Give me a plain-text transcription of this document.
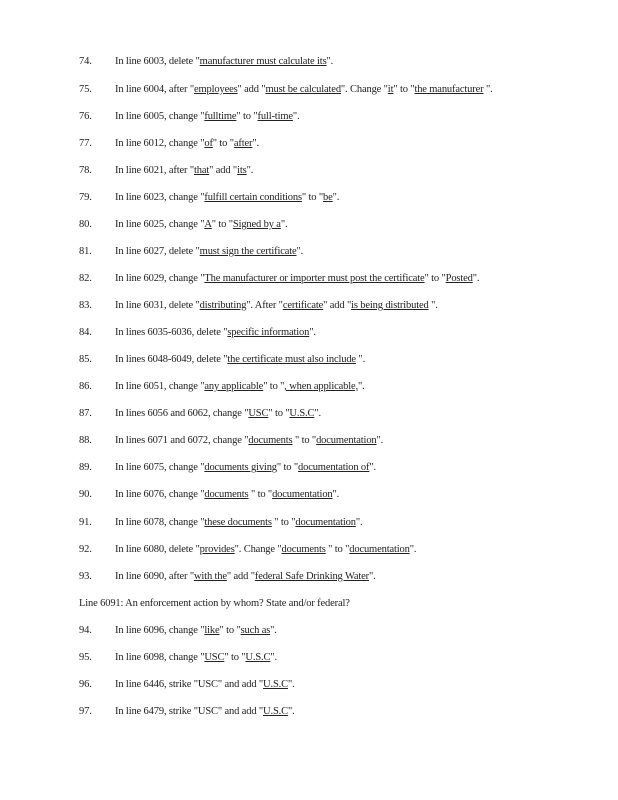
74.	In line 6003, delete "manufacturer must calculate its".
75.	In line 6004, after "employees" add "must be calculated". Change "it" to "the manufacturer ".
76.	In line 6005, change "fulltime" to "full-time".
77.	In line 6012, change "of" to "after".
78.	In line 6021, after "that" add "its".
79.	In line 6023, change "fulfill certain conditions" to "be".
80.	In line 6025, change "A" to "Signed by a".
81.	In line 6027, delete "must sign the certificate".
82.	In line 6029, change "The manufacturer or importer must post the certificate" to "Posted".
83.	In line 6031, delete "distributing". After "certificate" add "is being distributed ".
84.	In lines 6035-6036, delete "specific information".
85.	In lines 6048-6049, delete "the certificate must also include ".
86.	In line 6051, change "any applicable" to ", when applicable,".
87.	In lines 6056 and 6062, change "USC" to "U.S.C".
88.	In lines 6071 and 6072, change "documents " to "documentation".
89.	In line 6075, change "documents giving" to "documentation of".
90.	In line 6076, change "documents " to "documentation".
91.	In line 6078, change "these documents " to "documentation".
92.	In line 6080, delete "provides". Change "documents " to "documentation".
93.	In line 6090, after "with the" add "federal Safe Drinking Water".
94.	In line 6096, change "like" to "such as".
95.	In line 6098, change "USC" to "U.S.C".
96.	In line 6446, strike "USC" and add "U.S.C".
97.	In line 6479, strike "USC" and add "U.S.C".
Line 6091: An enforcement action by whom? State and/or federal?
